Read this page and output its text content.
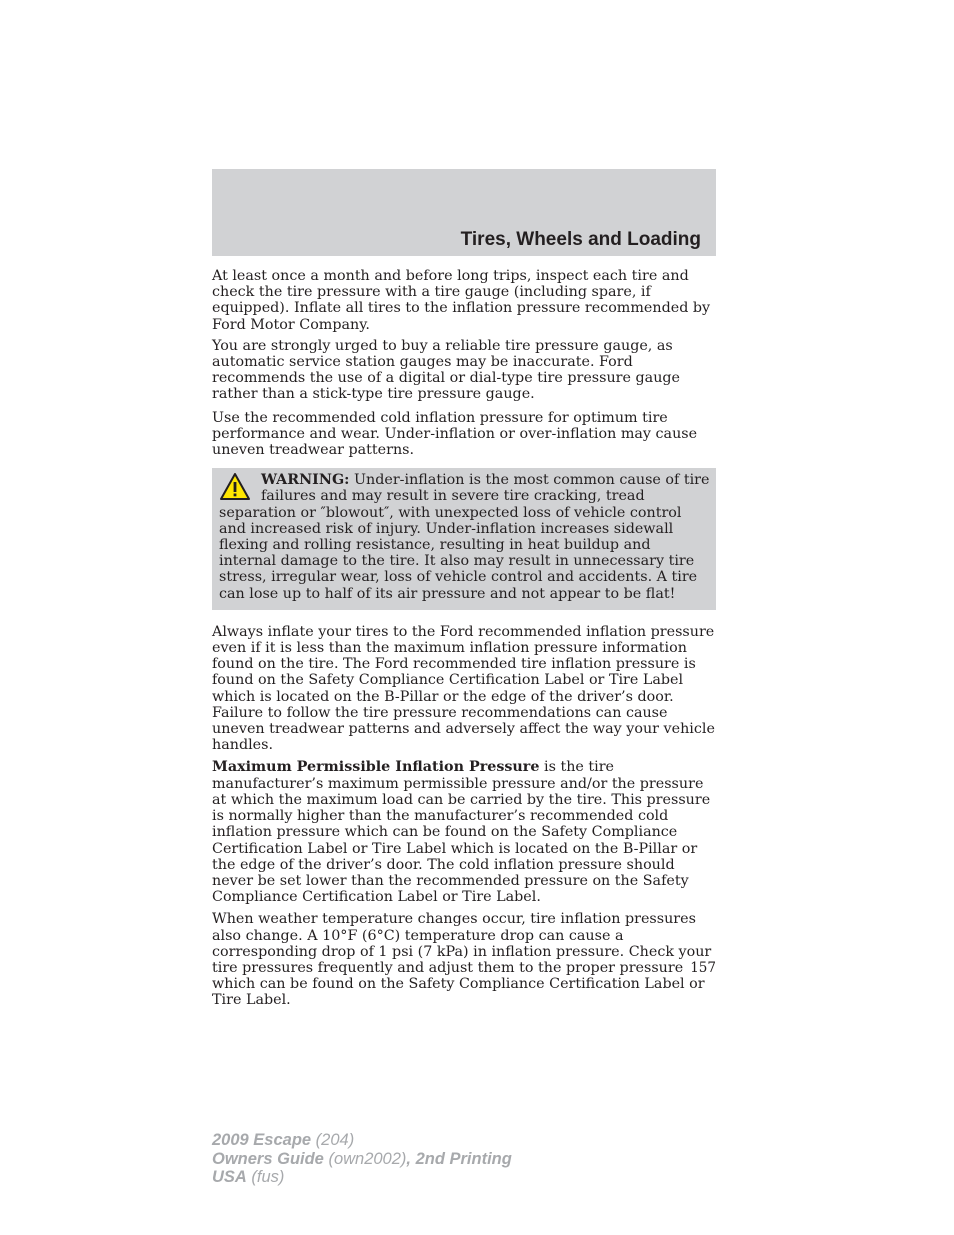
Tires, Wheels and Loading

At least once a month and before long trips, inspect each tire and check the tire pressure with a tire gauge (including spare, if equipped). Inflate all tires to the inflation pressure recommended by Ford Motor Company.

You are strongly urged to buy a reliable tire pressure gauge, as automatic service station gauges may be inaccurate. Ford recommends the use of a digital or dial-type tire pressure gauge rather than a stick-type tire pressure gauge.

Use the recommended cold inflation pressure for optimum tire performance and wear. Under-inflation or over-inflation may cause uneven treadwear patterns.

WARNING: Under-inflation is the most common cause of tire failures and may result in severe tire cracking, tread separation or ″blowout″, with unexpected loss of vehicle control and increased risk of injury. Under-inflation increases sidewall flexing and rolling resistance, resulting in heat buildup and internal damage to the tire. It also may result in unnecessary tire stress, irregular wear, loss of vehicle control and accidents. A tire can lose up to half of its air pressure and not appear to be flat!

Always inflate your tires to the Ford recommended inflation pressure even if it is less than the maximum inflation pressure information found on the tire. The Ford recommended tire inflation pressure is found on the Safety Compliance Certification Label or Tire Label which is located on the B-Pillar or the edge of the driver’s door. Failure to follow the tire pressure recommendations can cause uneven treadwear patterns and adversely affect the way your vehicle handles.

Maximum Permissible Inflation Pressure is the tire manufacturer’s maximum permissible pressure and/or the pressure at which the maximum load can be carried by the tire. This pressure is normally higher than the manufacturer’s recommended cold inflation pressure which can be found on the Safety Compliance Certification Label or Tire Label which is located on the B-Pillar or the edge of the driver’s door. The cold inflation pressure should never be set lower than the recommended pressure on the Safety Compliance Certification Label or Tire Label.

When weather temperature changes occur, tire inflation pressures also change. A 10°F (6°C) temperature drop can cause a corresponding drop of 1 psi (7 kPa) in inflation pressure. Check your tire pressures frequently and adjust them to the proper pressure which can be found on the Safety Compliance Certification Label or Tire Label.

157
2009 Escape (204)
Owners Guide (own2002), 2nd Printing
USA (fus)
